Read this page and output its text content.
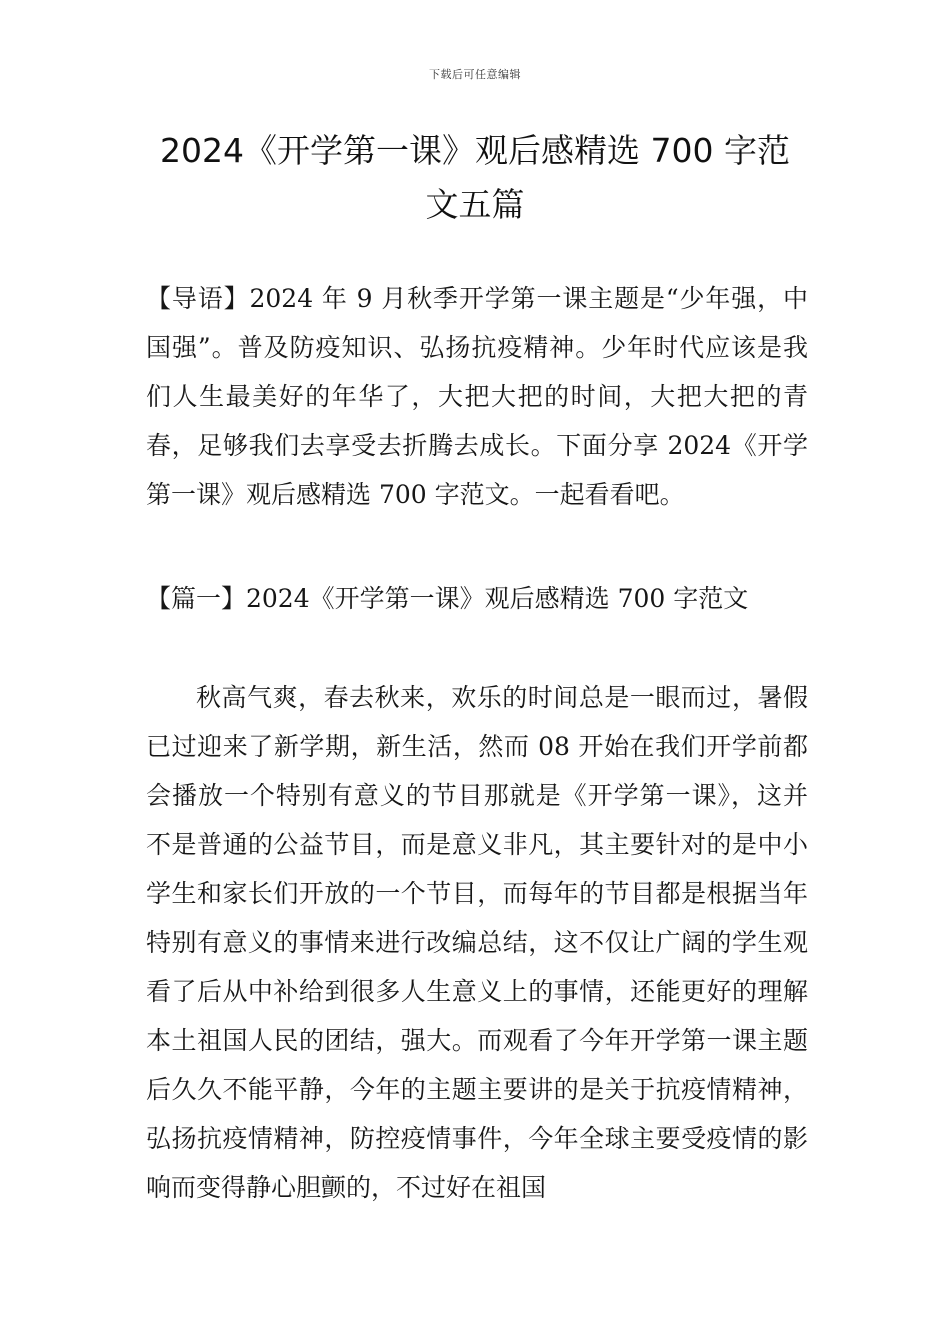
下载后可任意编辑
2024《开学第一课》观后感精选 700 字范文五篇

【导语】2024 年 9 月秋季开学第一课主题是“少年强，中国强”。普及防疫知识、弘扬抗疫精神。少年时代应该是我们人生最美好的年华了，大把大把的时间，大把大把的青春，足够我们去享受去折腾去成长。下面分享 2024《开学第一课》观后感精选 700 字范文。一起看看吧。

【篇一】2024《开学第一课》观后感精选 700 字范文

秋高气爽，春去秋来，欢乐的时间总是一眼而过，暑假已过迎来了新学期，新生活，然而 08 开始在我们开学前都会播放一个特别有意义的节目那就是《开学第一课》，这并不是普通的公益节目，而是意义非凡，其主要针对的是中小学生和家长们开放的一个节目，而每年的节目都是根据当年特别有意义的事情来进行改编总结，这不仅让广阔的学生观看了后从中补给到很多人生意义上的事情，还能更好的理解本土祖国人民的团结，强大。而观看了今年开学第一课主题后久久不能平静，今年的主题主要讲的是关于抗疫情精神，弘扬抗疫情精神，防控疫情事件，今年全球主要受疫情的影响而变得静心胆颤的，不过好在祖国
